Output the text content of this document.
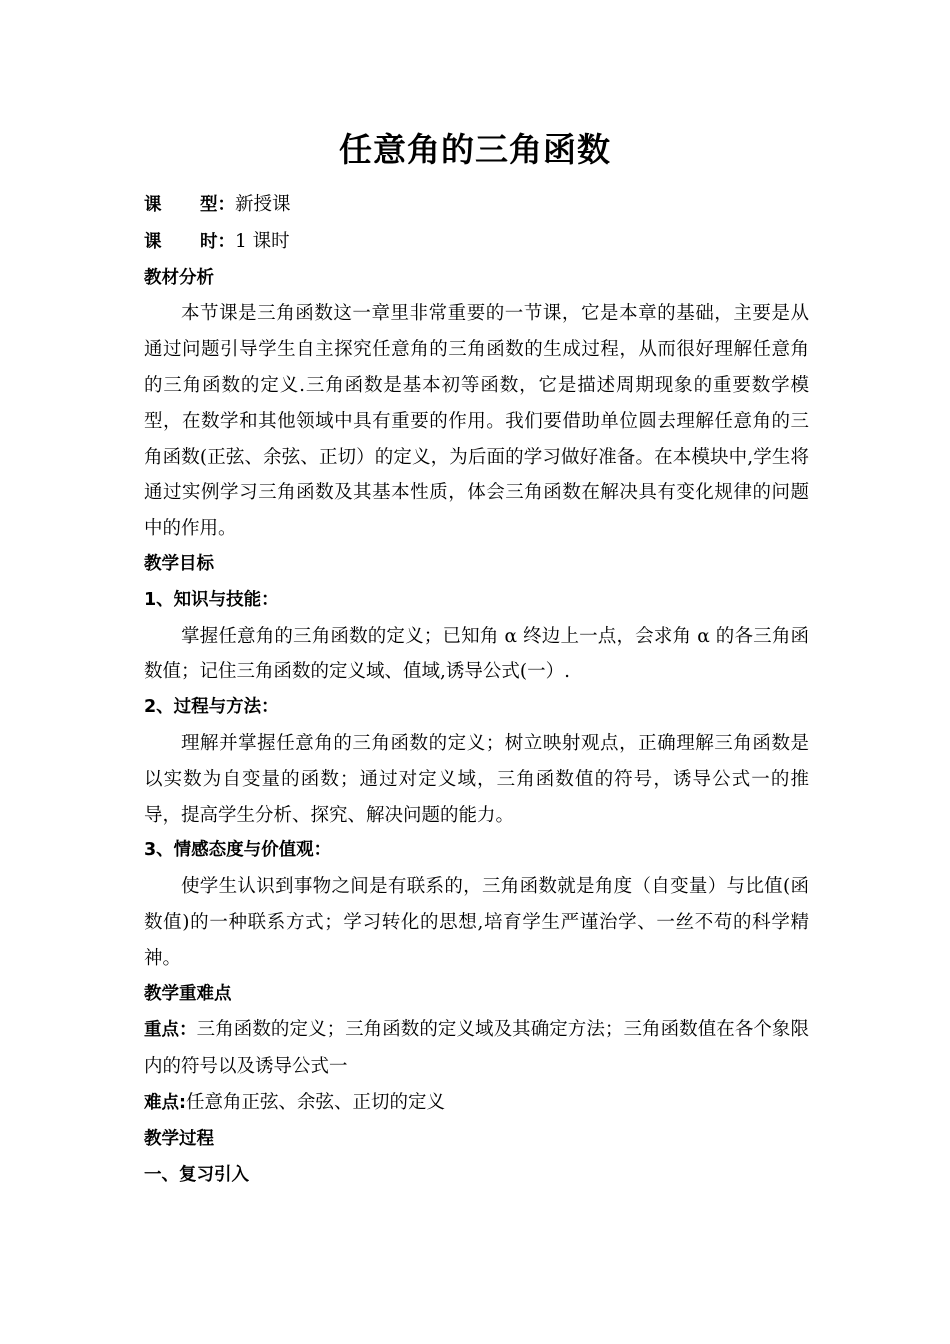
任意角的三角函数

课 型：新授课

课 时：1 课时

教材分析

本节课是三角函数这一章里非常重要的一节课，它是本章的基础，主要是从通过问题引导学生自主探究任意角的三角函数的生成过程，从而很好理解任意角的三角函数的定义.三角函数是基本初等函数，它是描述周期现象的重要数学模型，在数学和其他领域中具有重要的作用。我们要借助单位圆去理解任意角的三角函数(正弦、余弦、正切）的定义，为后面的学习做好准备。在本模块中,学生将通过实例学习三角函数及其基本性质，体会三角函数在解决具有变化规律的问题中的作用。

教学目标

1、知识与技能：

掌握任意角的三角函数的定义；已知角 α 终边上一点，会求角 α 的各三角函数值；记住三角函数的定义域、值域,诱导公式(一）.

2、过程与方法：

理解并掌握任意角的三角函数的定义；树立映射观点，正确理解三角函数是以实数为自变量的函数；通过对定义域，三角函数值的符号，诱导公式一的推导，提高学生分析、探究、解决问题的能力。

3、情感态度与价值观：

使学生认识到事物之间是有联系的，三角函数就是角度（自变量）与比值(函数值)的一种联系方式；学习转化的思想,培育学生严谨治学、一丝不苟的科学精神。

教学重难点

重点：三角函数的定义；三角函数的定义域及其确定方法；三角函数值在各个象限内的符号以及诱导公式一

难点:任意角正弦、余弦、正切的定义

教学过程

一、复习引入
